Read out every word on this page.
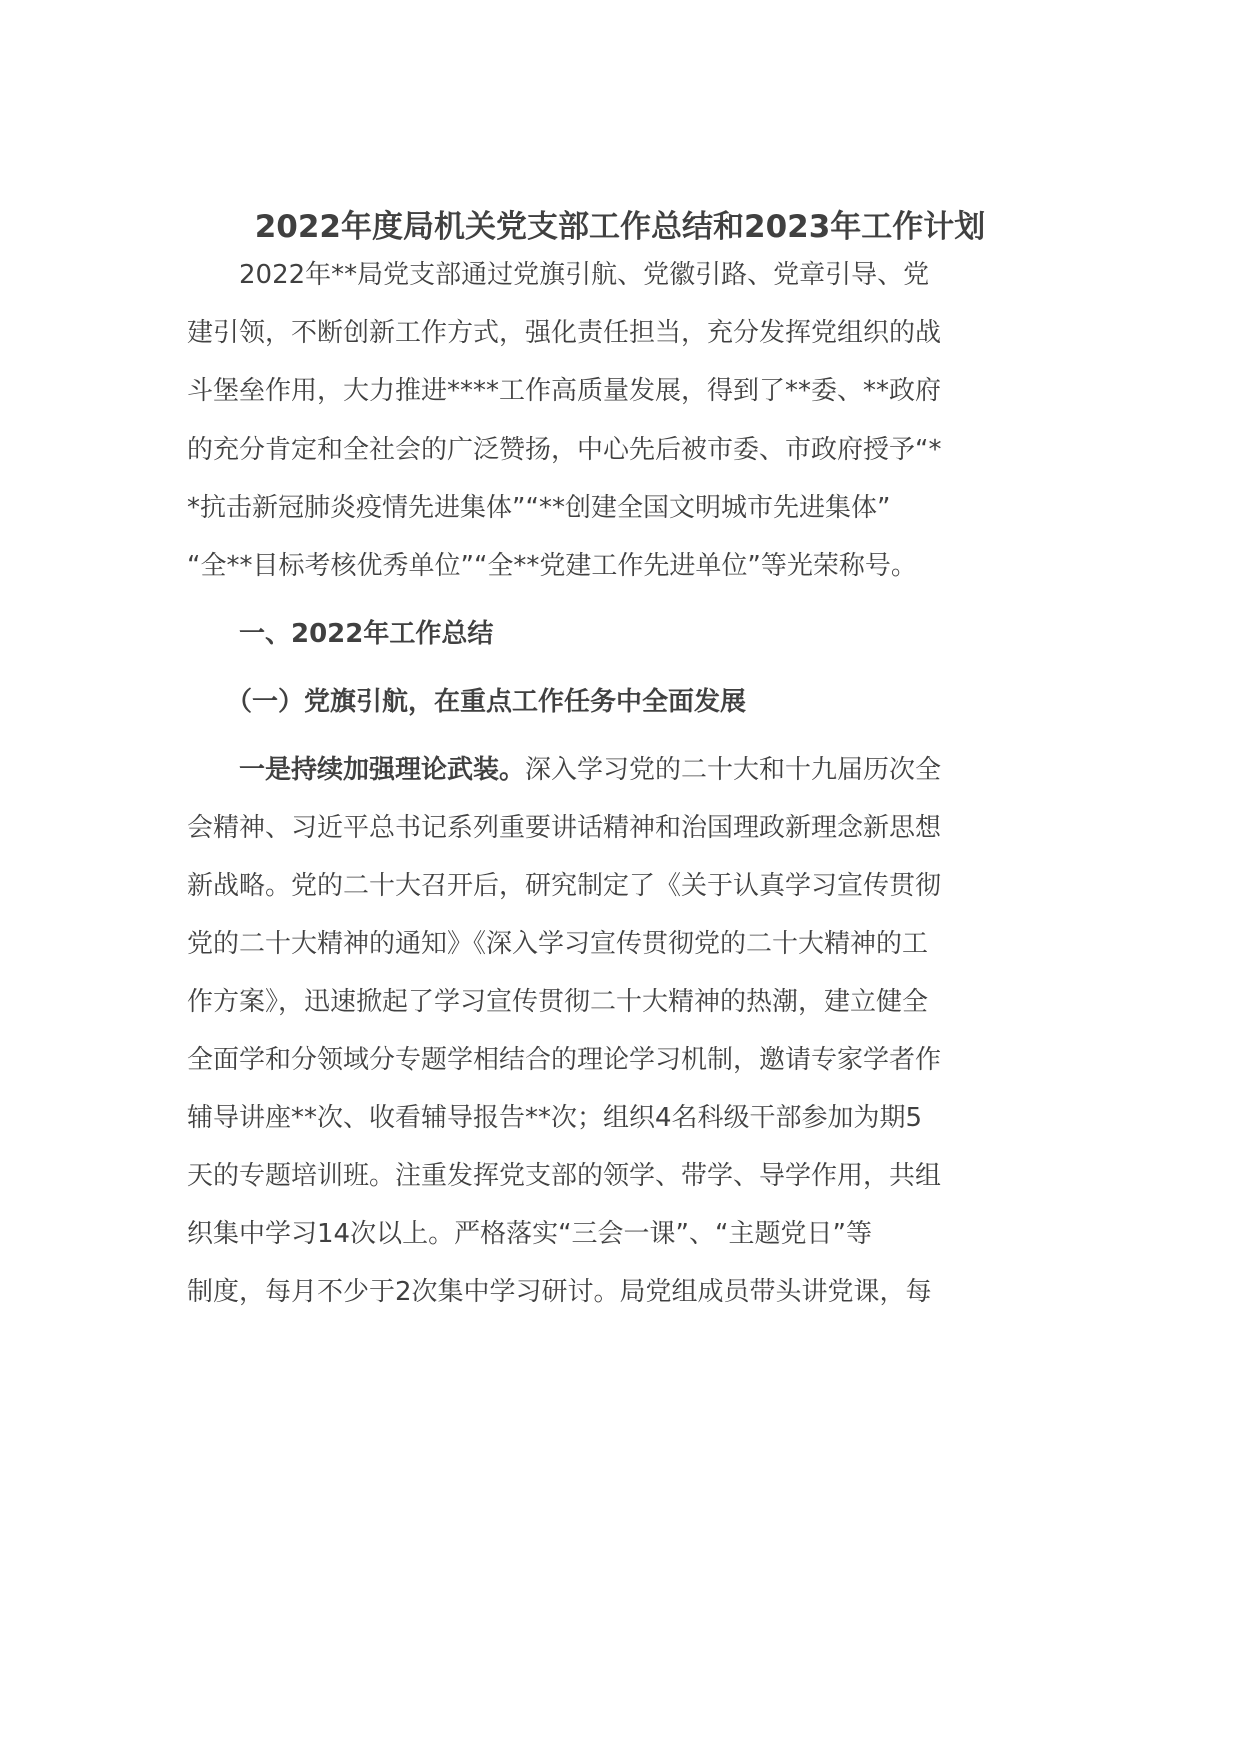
2022年度局机关党支部工作总结和2023年工作计划
　　2022年**局党支部通过党旗引航、党徽引路、党章引导、党
建引领，不断创新工作方式，强化责任担当，充分发挥党组织的战
斗堡垒作用，大力推进****工作高质量发展，得到了**委、**政府
的充分肯定和全社会的广泛赞扬，中心先后被市委、市政府授予“*
*抗击新冠肺炎疫情先进集体”“**创建全国文明城市先进集体”
“全**目标考核优秀单位”“全**党建工作先进单位”等光荣称号。
　　一、2022年工作总结
　　（一）党旗引航，在重点工作任务中全面发展
　　一是持续加强理论武装。深入学习党的二十大和十九届历次全
会精神、习近平总书记系列重要讲话精神和治国理政新理念新思想
新战略。党的二十大召开后，研究制定了《关于认真学习宣传贯彻
党的二十大精神的通知》《深入学习宣传贯彻党的二十大精神的工
作方案》，迅速掀起了学习宣传贯彻二十大精神的热潮，建立健全
全面学和分领域分专题学相结合的理论学习机制，邀请专家学者作
辅导讲座**次、收看辅导报告**次；组织4名科级干部参加为期5
天的专题培训班。注重发挥党支部的领学、带学、导学作用，共组
织集中学习14次以上。严格落实“三会一课”、“主题党日”等
制度，每月不少于2次集中学习研讨。局党组成员带头讲党课，每
